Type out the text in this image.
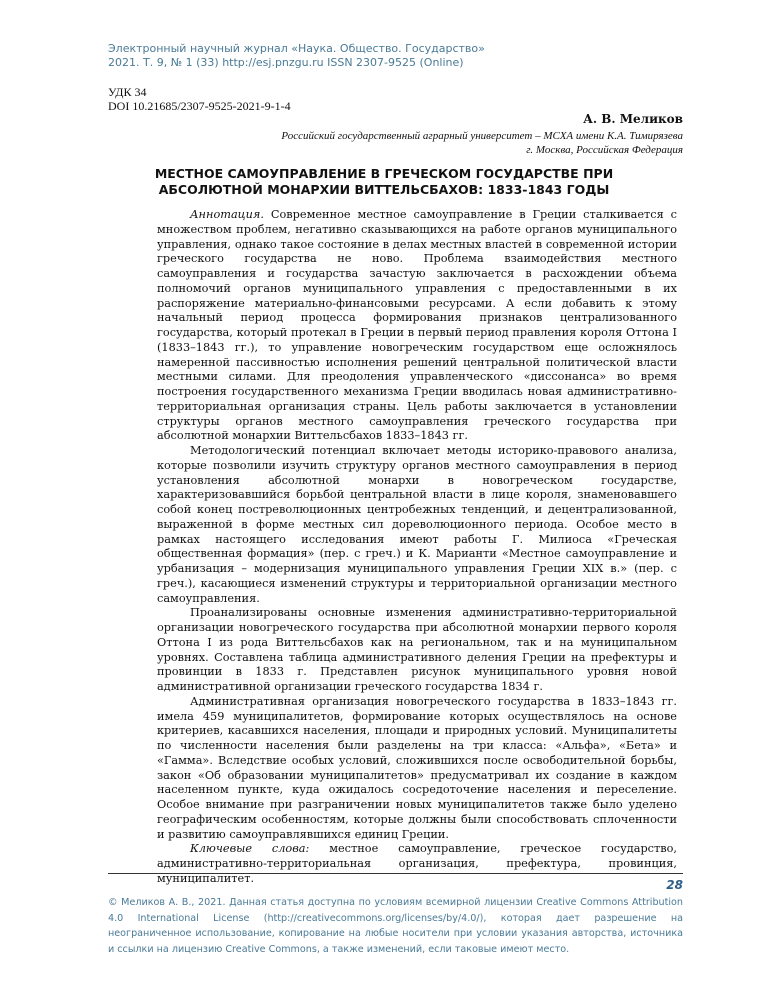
Электронный научный журнал «Наука. Общество. Государство»
2021. Т. 9, № 1 (33) http://esj.pnzgu.ru ISSN 2307-9525 (Online)
УДК 34
DOI 10.21685/2307-9525-2021-9-1-4
А. В. Меликов
Российский государственный аграрный университет – МСХА имени К.А. Тимирязева
г. Москва, Российская Федерация
МЕСТНОЕ САМОУПРАВЛЕНИЕ В ГРЕЧЕСКОМ ГОСУДАРСТВЕ ПРИ АБСОЛЮТНОЙ МОНАРХИИ ВИТТЕЛЬСБАХОВ: 1833-1843 ГОДЫ

Аннотация. Современное местное самоуправление в Греции сталкивается с множеством проблем, негативно сказывающихся на работе органов муниципального управления, однако такое состояние в делах местных властей в современной истории греческого государства не ново. Проблема взаимодействия местного самоуправления и государства зачастую заключается в расхождении объема полномочий органов муниципального управления с предоставленными в их распоряжение материально-финансовыми ресурсами. А если добавить к этому начальный период процесса формирования признаков централизованного государства, который протекал в Греции в первый период правления короля Оттона I (1833–1843 гг.), то управление новогреческим государством еще осложнялось намеренной пассивностью исполнения решений центральной политической власти местными силами. Для преодоления управленческого «диссонанса» во время построения государственного механизма Греции вводилась новая административно-территориальная организация страны. Цель работы заключается в установлении структуры органов местного самоуправления греческого государства при абсолютной монархии Виттельсбахов 1833–1843 гг.

Методологический потенциал включает методы историко-правового анализа, которые позволили изучить структуру органов местного самоуправления в период установления абсолютной монархи в новогреческом государстве, характеризовавшийся борьбой центральной власти в лице короля, знаменовавшего собой конец постреволюционных центробежных тенденций, и децентрализованной, выраженной в форме местных сил дореволюционного периода. Особое место в рамках настоящего исследования имеют работы Г. Милиоса «Греческая общественная формация» (пер. с греч.) и К. Марианти «Местное самоуправление и урбанизация – модернизация муниципального управления Греции XIX в.» (пер. с греч.), касающиеся изменений структуры и территориальной организации местного самоуправления.

Проанализированы основные изменения административно-территориальной организации новогреческого государства при абсолютной монархии первого короля Оттона I из рода Виттельсбахов как на региональном, так и на муниципальном уровнях. Составлена таблица административного деления Греции на префектуры и провинции в 1833 г. Представлен рисунок муниципального уровня новой административной организации греческого государства 1834 г.

Административная организация новогреческого государства в 1833–1843 гг. имела 459 муниципалитетов, формирование которых осуществлялось на основе критериев, касавшихся населения, площади и природных условий. Муниципалитеты по численности населения были разделены на три класса: «Альфа», «Бета» и «Гамма». Вследствие особых условий, сложившихся после освободительной борьбы, закон «Об образовании муниципалитетов» предусматривал их создание в каждом населенном пункте, куда ожидалось сосредоточение населения и переселение. Особое внимание при разграничении новых муниципалитетов также было уделено географическим особенностям, которые должны были способствовать сплоченности и развитию самоуправлявшихся единиц Греции.

Ключевые слова: местное самоуправление, греческое государство, административно-территориальная организация, префектура, провинция, муниципалитет.	28
© Меликов А. В., 2021. Данная статья доступна по условиям всемирной лицензии Creative Commons Attribution 4.0 International License (http://creativecommons.org/licenses/by/4.0/), которая дает разрешение на неограниченное использование, копирование на любые носители при условии указания авторства, источника и ссылки на лицензию Creative Commons, а также изменений, если таковые имеют место.
